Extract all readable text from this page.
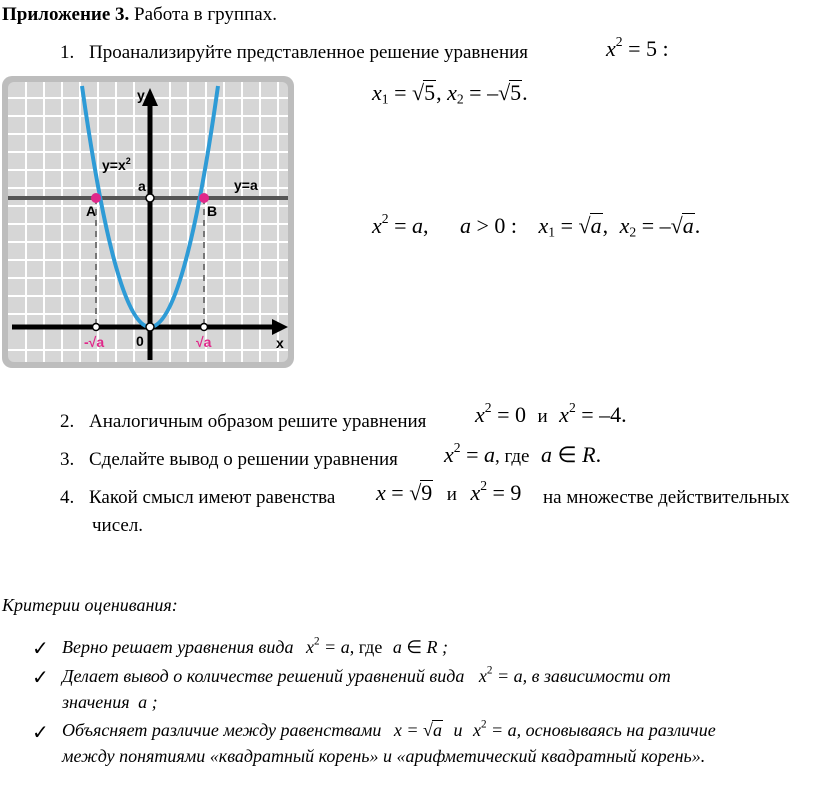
Приложение 3. Работа в группах.
1. Проанализируйте представленное решение уравнения	$x^2 = 5$ :
$x_1 = √5$, $x_2 = -√5$.
$x^2 = a$, a > 0 : $x_1 = √a$, $x_2 = -√a$.
y
x
$y=x^2$
y=a
a
A	B
0
-√a	√a
2. Аналогичным образом решите уравнения $x^2 = 0$ и $x^2 = -4$.
3. Сделайте вывод о решении уравнения $x^2 = a$, где a ∈ R.
4. Какой смысл имеют равенства x = √9 и $x^2 = 9$ на множестве действительных
чисел.
Критерии оценивания:
✓ Верно решает уравнения вида $x^2 = a$, где a ∈ R ;
✓ Делает вывод о количестве решений уравнений вида $x^2 = a$, в зависимости от
значения a ;
✓ Объясняет различие между равенствами x = √a и $x^2 = a$, основываясь на различие
между понятиями «квадратный корень» и «арифметический квадратный корень».
